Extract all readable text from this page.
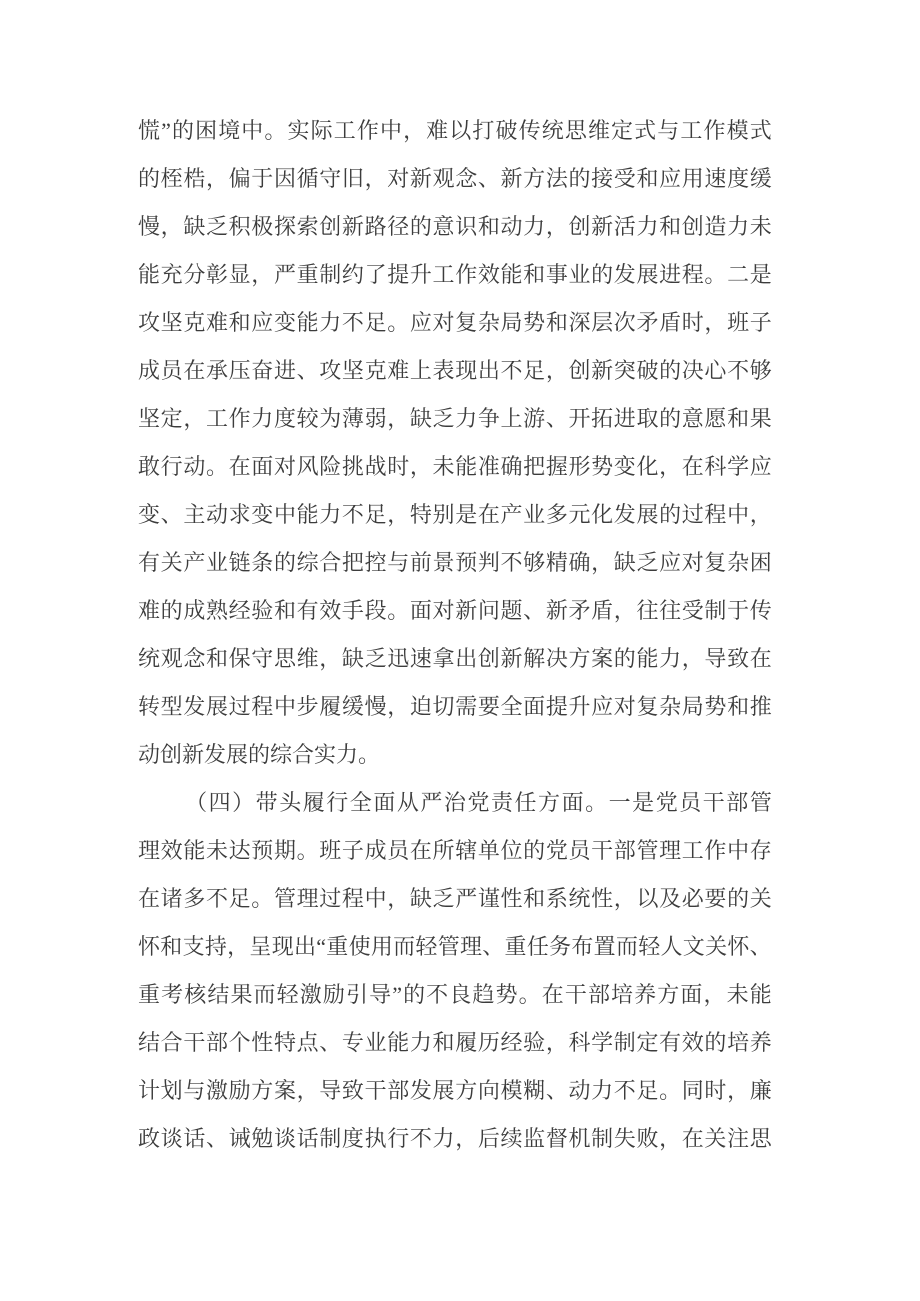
慌 ” 的 困 境 中 。 实 际 工 作 中 ， 难 以 打 破 传 统 思 维 定 式 与 工 作 模 式
的 桎 梏 ， 偏 于 因 循 守 旧 ， 对 新 观 念 、 新 方 法 的 接 受 和 应 用 速 度 缓
慢 ， 缺 乏 积 极 探 索 创 新 路 径 的 意 识 和 动 力 ， 创 新 活 力 和 创 造 力 未
能 充 分 彰 显 ， 严 重 制 约 了 提 升 工 作 效 能 和 事 业 的 发 展 进 程 。 二 是
攻 坚 克 难 和 应 变 能 力 不 足 。 应 对 复 杂 局 势 和 深 层 次 矛 盾 时 ， 班 子
成 员 在 承 压 奋 进 、 攻 坚 克 难 上 表 现 出 不 足 ， 创 新 突 破 的 决 心 不 够
坚 定 ， 工 作 力 度 较 为 薄 弱 ， 缺 乏 力 争 上 游 、 开 拓 进 取 的 意 愿 和 果
敢 行 动 。 在 面 对 风 险 挑 战 时 ， 未 能 准 确 把 握 形 势 变 化 ， 在 科 学 应
变 、 主 动 求 变 中 能 力 不 足 ， 特 别 是 在 产 业 多 元 化 发 展 的 过 程 中 ，
有 关 产 业 链 条 的 综 合 把 控 与 前 景 预 判 不 够 精 确 ， 缺 乏 应 对 复 杂 困
难 的 成 熟 经 验 和 有 效 手 段 。 面 对 新 问 题 、 新 矛 盾 ， 往 往 受 制 于 传
统 观 念 和 保 守 思 维 ， 缺 乏 迅 速 拿 出 创 新 解 决 方 案 的 能 力 ， 导 致 在
转 型 发 展 过 程 中 步 履 缓 慢 ， 迫 切 需 要 全 面 提 升 应 对 复 杂 局 势 和 推
动创新发展的综合实力。

（ 四 ） 带 头 履 行 全 面 从 严 治 党 责 任 方 面 。 一 是 党 员 干 部 管
理 效 能 未 达 预 期 。 班 子 成 员 在 所 辖 单 位 的 党 员 干 部 管 理 工 作 中 存
在 诸 多 不 足 。 管 理 过 程 中 ， 缺 乏 严 谨 性 和 系 统 性 ， 以 及 必 要 的 关
怀 和 支 持 ， 呈 现 出 “ 重 使 用 而 轻 管 理 、 重 任 务 布 置 而 轻 人 文 关 怀 、
重 考 核 结 果 而 轻 激 励 引 导 ” 的 不 良 趋 势 。 在 干 部 培 养 方 面 ， 未 能
结 合 干 部 个 性 特 点 、 专 业 能 力 和 履 历 经 验 ， 科 学 制 定 有 效 的 培 养
计 划 与 激 励 方 案 ， 导 致 干 部 发 展 方 向 模 糊 、 动 力 不 足 。 同 时 ， 廉
政 谈 话 、 诫 勉 谈 话 制 度 执 行 不 力 ， 后 续 监 督 机 制 失 败 ， 在 关 注 思
